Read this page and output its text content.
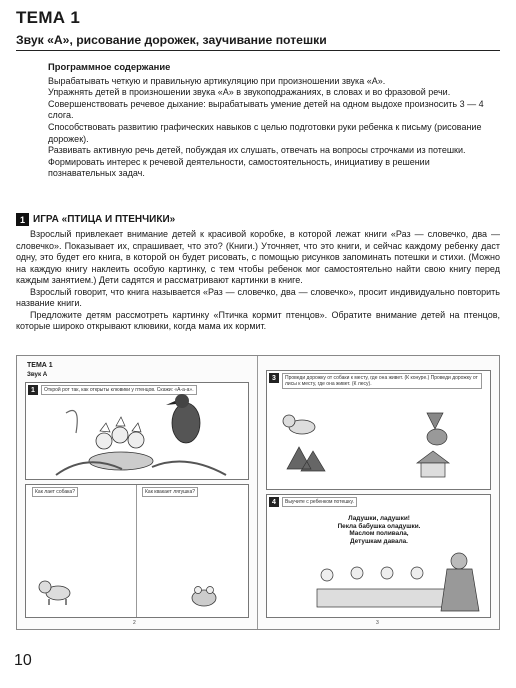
ТЕМА 1
Звук «А», рисование дорожек, заучивание потешки
Программное содержание

Вырабатывать четкую и правильную артикуляцию при произношении звука «А».

Упражнять детей в произношении звука «А» в звукоподражаниях, в словах и во фразовой речи.

Совершенствовать речевое дыхание: вырабатывать умение детей на одном выдохе произносить 3 — 4 слога.

Способствовать развитию графических навыков с целью подготовки руки ребенка к письму (рисование дорожек).

Развивать активную речь детей, побуждая их слушать, отвечать на вопросы строчками из потешки.

Формировать интерес к речевой деятельности, самостоятельность, инициативу в решении познавательных задач.

1 ИГРА «ПТИЦА И ПТЕНЧИКИ»

Взрослый привлекает внимание детей к красивой коробке, в которой лежат книги «Раз — словечко, два — словечко». Показывает их, спрашивает, что это? (Книги.) Уточняет, что это книги, и сейчас каждому ребенку даст одну, это будет его книга, в которой он будет рисовать, с помощью рисунков запоминать потешки и стихи. (Можно на каждую книгу наклеить особую картинку, с тем чтобы ребенок мог самостоятельно найти свою книгу перед каждым занятием.) Дети садятся и рассматривают картинки в книге.

Взрослый говорит, что книга называется «Раз — словечко, два — словечко», просит индивидуально повторить название книги.

Предложите детям рассмотреть картинку «Птичка кормит птенцов». Обратите внимание детей на птенцов, которые широко открывают клювики, когда мама их кормит.

ТЕМА 1
Звук А
1	Открой рот так, как открыты клювики у птенцов. Скажи: «А-а-а».
Как лает собака?	Как квакает лягушка?
2
3	Проведи дорожку от собаки к месту, где она живет. (К конуре.) Проведи дорожку от лисы к месту, где она живет. (К лесу).
4	Выучите с ребенком потешку.
Ладушки, ладушки!
Пекла бабушка оладушки.
Маслом поливала,
Детушкам давала.
3
10
